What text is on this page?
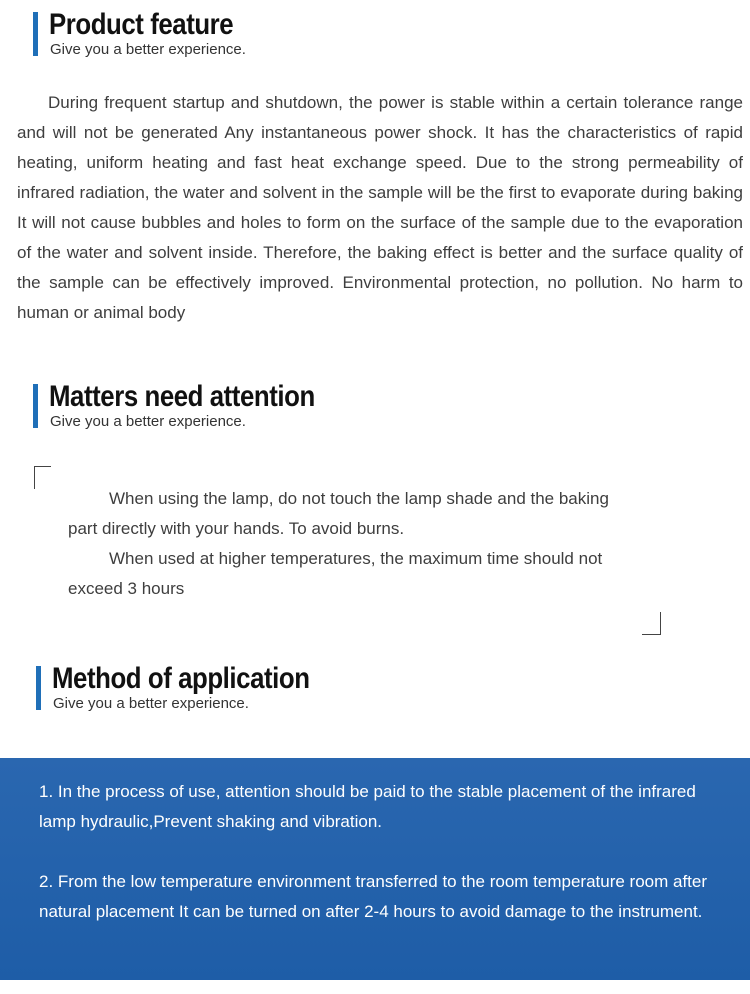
Product feature

Give you a better experience.

During frequent startup and shutdown, the power is stable within a certain tolerance range and will not be generated Any instantaneous power shock. It has the characteristics of rapid heating, uniform heating and fast heat exchange speed. Due to the strong permeability of infrared radiation, the water and solvent in the sample will be the first to evaporate during baking It will not cause bubbles and holes to form on the surface of the sample due to the evaporation of the water and solvent inside. Therefore, the baking effect is better and the surface quality of the sample can be effectively improved. Environmental protection, no pollution. No harm to human or animal body

Matters need attention

Give you a better experience.

When using the lamp, do not touch the lamp shade and the baking

part directly with your hands. To avoid burns.

When used at higher temperatures, the maximum time should not

exceed 3 hours

Method of application

Give you a better experience.

1. In the process of use, attention should be paid to the stable placement of the infrared lamp hydraulic,Prevent shaking and vibration.

2. From the low temperature environment transferred to the room temperature room after natural placement It can be turned on after 2-4 hours to avoid damage to the instrument.
